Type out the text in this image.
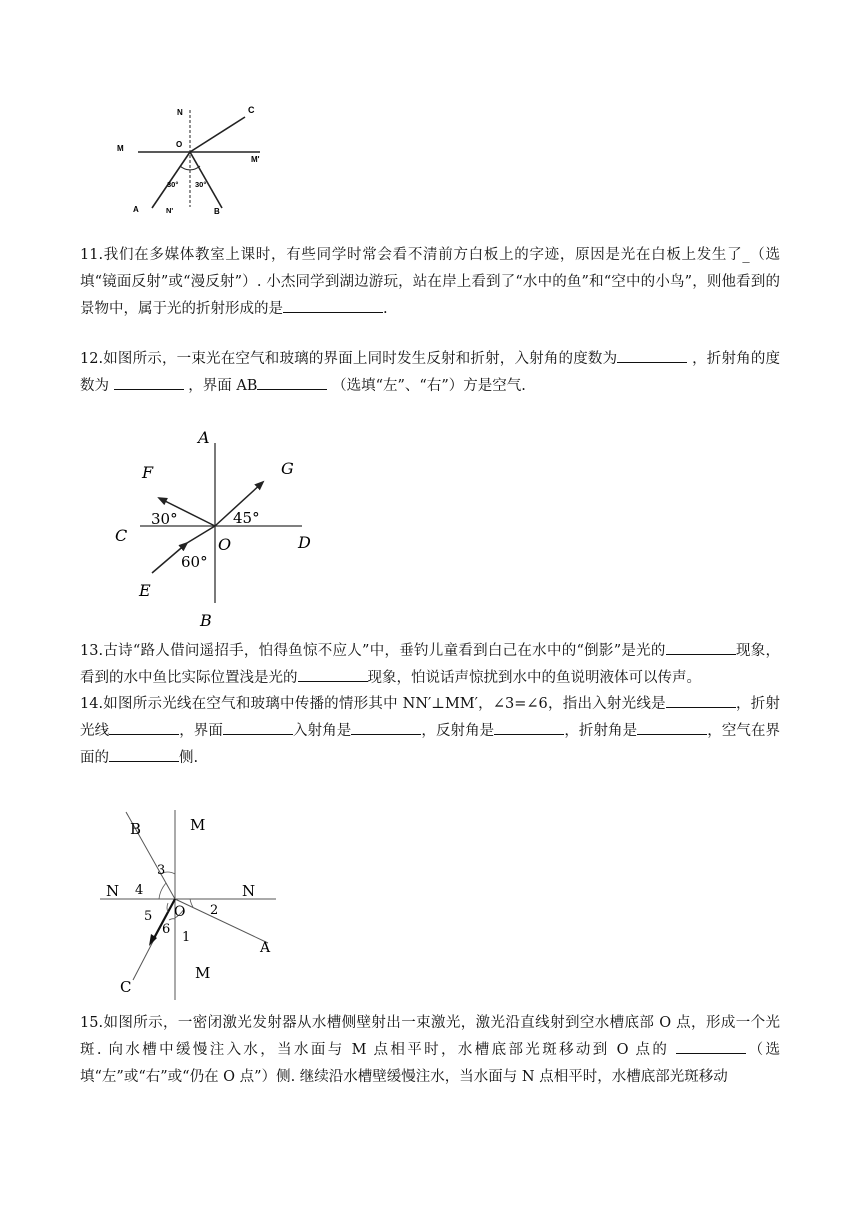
N	C
M	O
M'
30° 30°
A	N'	B
11.我们在多媒体教室上课时，有些同学时常会看不清前方白板上的字迹，原因是光在白板上发生了_（选填“镜面反射”或“漫反射”）. 小杰同学到湖边游玩，站在岸上看到了“水中的鱼”和“空中的小鸟”，则他看到的景物中，属于光的折射形成的是	.
12.如图所示，一束光在空气和玻璃的界面上同时发生反射和折射，入射角的度数为	，折射角的度数为	，界面 AB	（选填“左”、“右”）方是空气.
A
F	G
30°	45°
C	O	D
60°
E
B
13.古诗“路人借问遥招手，怕得鱼惊不应人”中，垂钓儿童看到白己在水中的“倒影”是光的	现象，看到的水中鱼比实际位置浅是光的	现象，怕说话声惊扰到水中的鱼说明液体可以传声。
14.如图所示光线在空气和玻璃中传播的情形其中 NN′⊥MM′，∠3=∠6，指出入射光线是	，折射光线	，界面	入射角是	，反射角是	，折射角是	，空气在界面的	侧.
B	M
3
N 4	N
5 O 2
6
1
A
M
C
15.如图所示，一密闭激光发射器从水槽侧壁射出一束激光，激光沿直线射到空水槽底部 O 点，形成一个光斑. 向水槽中缓慢注入水，当水面与 M 点相平时，水槽底部光斑移动到 O 点的	（选填“左”或“右”或“仍在 O 点”）侧. 继续沿水槽壁缓慢注水，当水面与 N 点相平时，水槽底部光斑移动
